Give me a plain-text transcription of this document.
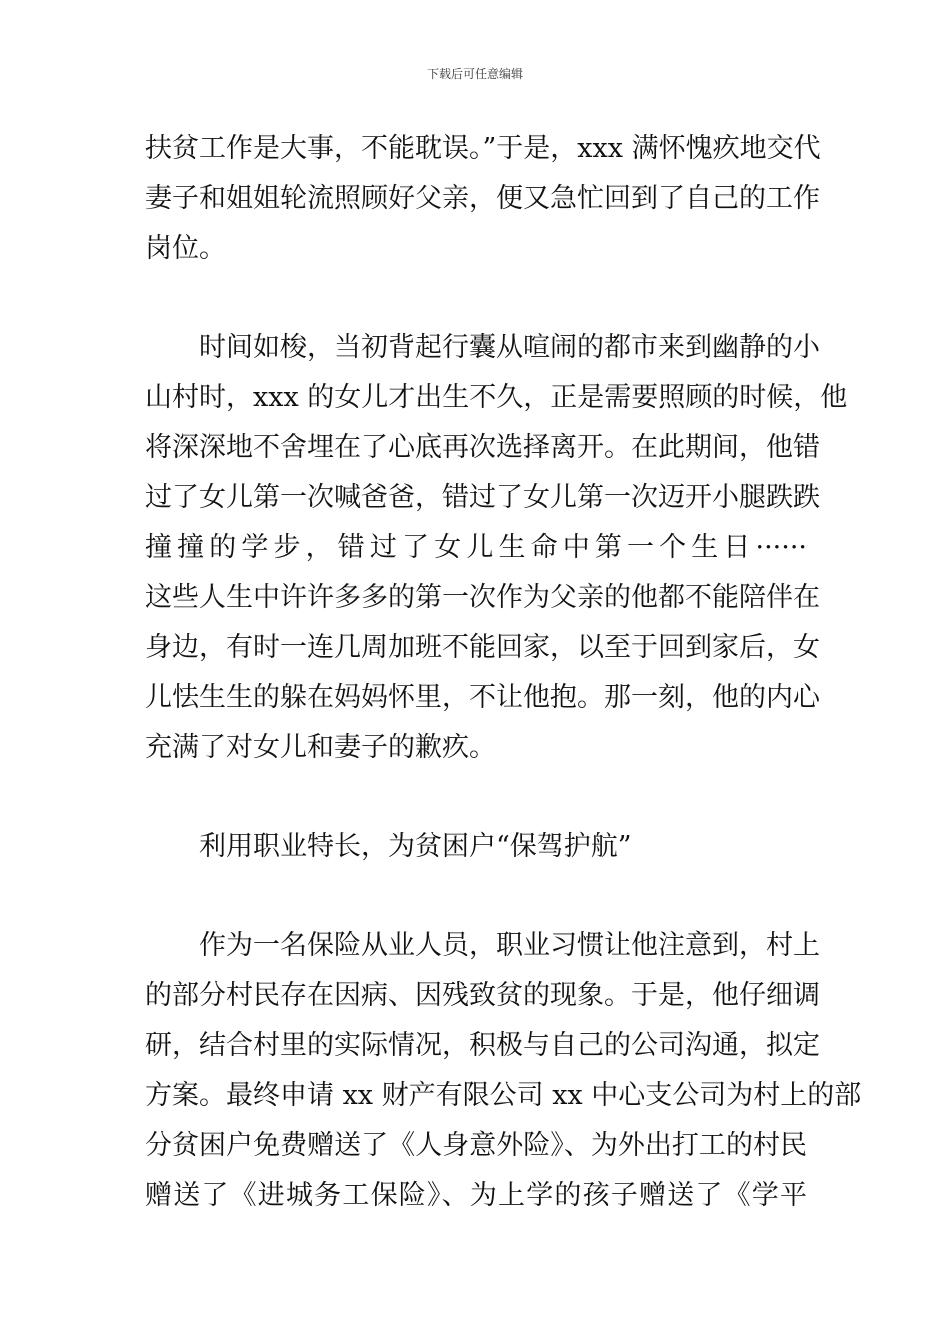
下载后可任意编辑
扶贫工作是大事，不能耽误。”于是，xxx 满怀愧疚地交代
妻子和姐姐轮流照顾好父亲，便又急忙回到了自己的工作
岗位。
　　时间如梭，当初背起行囊从喧闹的都市来到幽静的小
山村时，xxx 的女儿才出生不久，正是需要照顾的时候，他
将深深地不舍埋在了心底再次选择离开。在此期间，他错
过了女儿第一次喊爸爸，错过了女儿第一次迈开小腿跌跌
撞撞的学步，错过了女儿生命中第一个生日······
这些人生中许许多多的第一次作为父亲的他都不能陪伴在
身边，有时一连几周加班不能回家，以至于回到家后，女
儿怯生生的躲在妈妈怀里，不让他抱。那一刻，他的内心
充满了对女儿和妻子的歉疚。
　　利用职业特长，为贫困户“保驾护航”
　　作为一名保险从业人员，职业习惯让他注意到，村上
的部分村民存在因病、因残致贫的现象。于是，他仔细调
研，结合村里的实际情况，积极与自己的公司沟通，拟定
方案。最终申请 xx 财产有限公司 xx 中心支公司为村上的部
分贫困户免费赠送了《人身意外险》、为外出打工的村民
赠送了《进城务工保险》、为上学的孩子赠送了《学平
